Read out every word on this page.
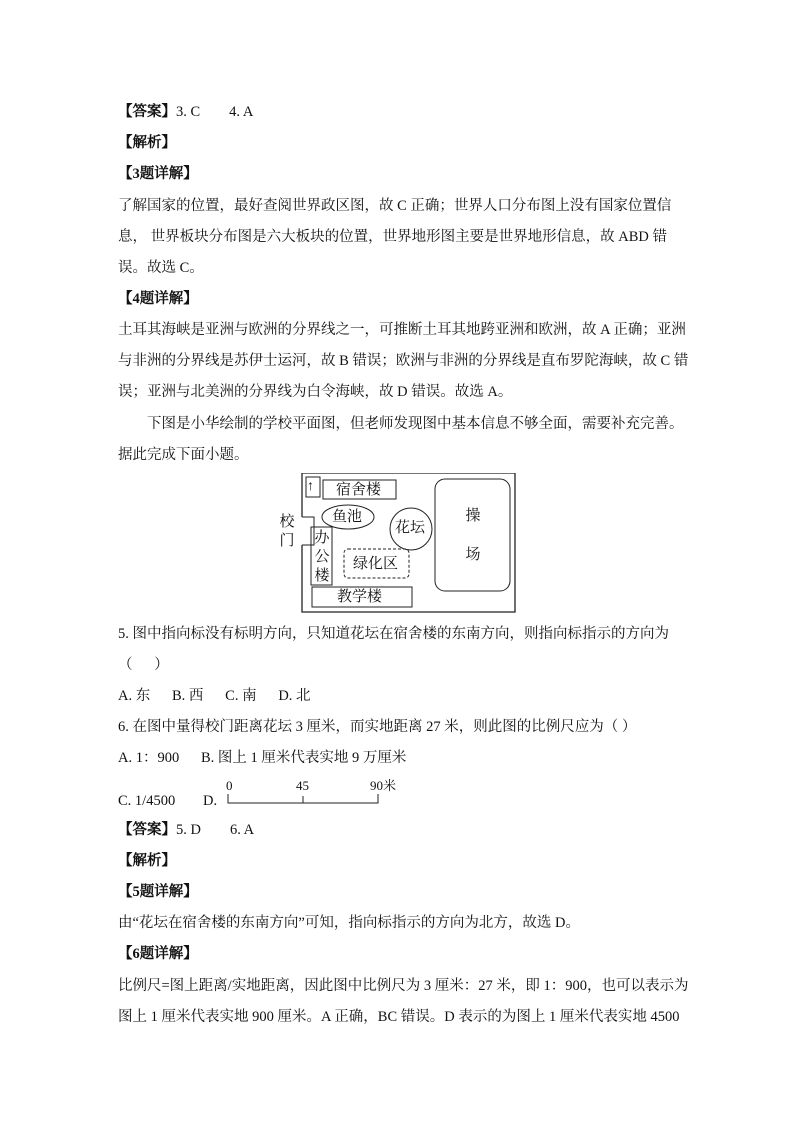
【答案】3. C        4. A
【解析】
【3题详解】
了解国家的位置，最好查阅世界政区图，故 C 正确；世界人口分布图上没有国家位置信
息， 世界板块分布图是六大板块的位置，世界地形图主要是世界地形信息，故 ABD 错
误。故选 C。
【4题详解】
土耳其海峡是亚洲与欧洲的分界线之一，可推断土耳其地跨亚洲和欧洲，故 A 正确；亚洲
与非洲的分界线是苏伊士运河，故 B 错误；欧洲与非洲的分界线是直布罗陀海峡，故 C 错
误；亚洲与北美洲的分界线为白令海峡，故 D 错误。故选 A。
下图是小华绘制的学校平面图，但老师发现图中基本信息不够全面，需要补充完善。
据此完成下面小题。
↑ 宿舍楼
鱼池
花坛
校
门 办
公
楼
绿化区
教学楼
操
场
5. 图中指向标没有标明方向，只知道花坛在宿舍楼的东南方向，则指向标指示的方向为
（      ）
A. 东      B. 西      C. 南      D. 北
6. 在图中量得校门距离花坛 3 厘米，而实地距离 27 米，则此图的比例尺应为（ ）
A. 1：900      B. 图上 1 厘米代表实地 9 万厘米
C. 1/4500 D.
0	45	90米
【答案】5. D        6. A
【解析】
【5题详解】
由“花坛在宿舍楼的东南方向”可知，指向标指示的方向为北方，故选 D。
【6题详解】
比例尺=图上距离/实地距离，因此图中比例尺为 3 厘米：27 米，即 1：900，也可以表示为
图上 1 厘米代表实地 900 厘米。A 正确，BC 错误。D 表示的为图上 1 厘米代表实地 4500
